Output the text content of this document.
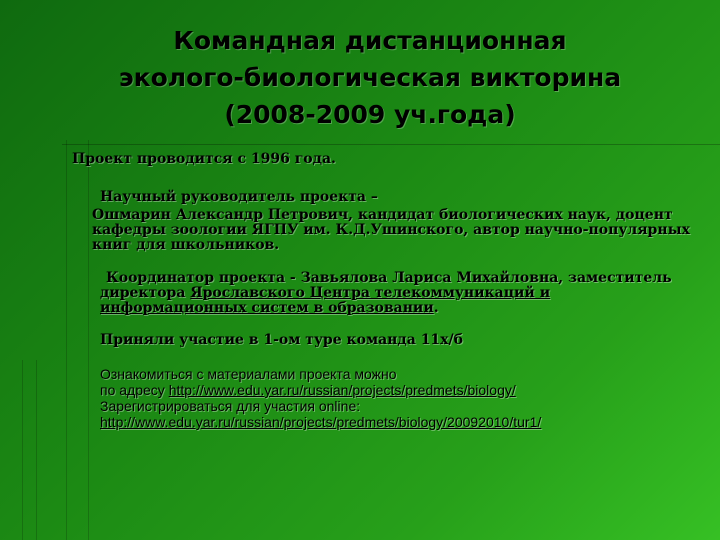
Командная дистанционная
эколого-биологическая викторина
(2008-2009 уч.года)
Проект проводится с 1996 года.
Научный руководитель проекта –
Ошмарин Александр Петрович, кандидат биологических наук, доцент кафедры зоологии ЯГПУ им. К.Д.Ушинского, автор научно-популярных книг для школьников.
Координатор проекта - Завьялова Лариса Михайловна, заместитель директора Ярославского Центра телекоммуникаций и информационных систем в образовании.
Приняли участие в 1-ом туре команда 11х/б
Ознакомиться с материалами проекта можно
по адресу http://www.edu.yar.ru/russian/projects/predmets/biology/
Зарегистрироваться для участия online:
http://www.edu.yar.ru/russian/projects/predmets/biology/20092010/tur1/
